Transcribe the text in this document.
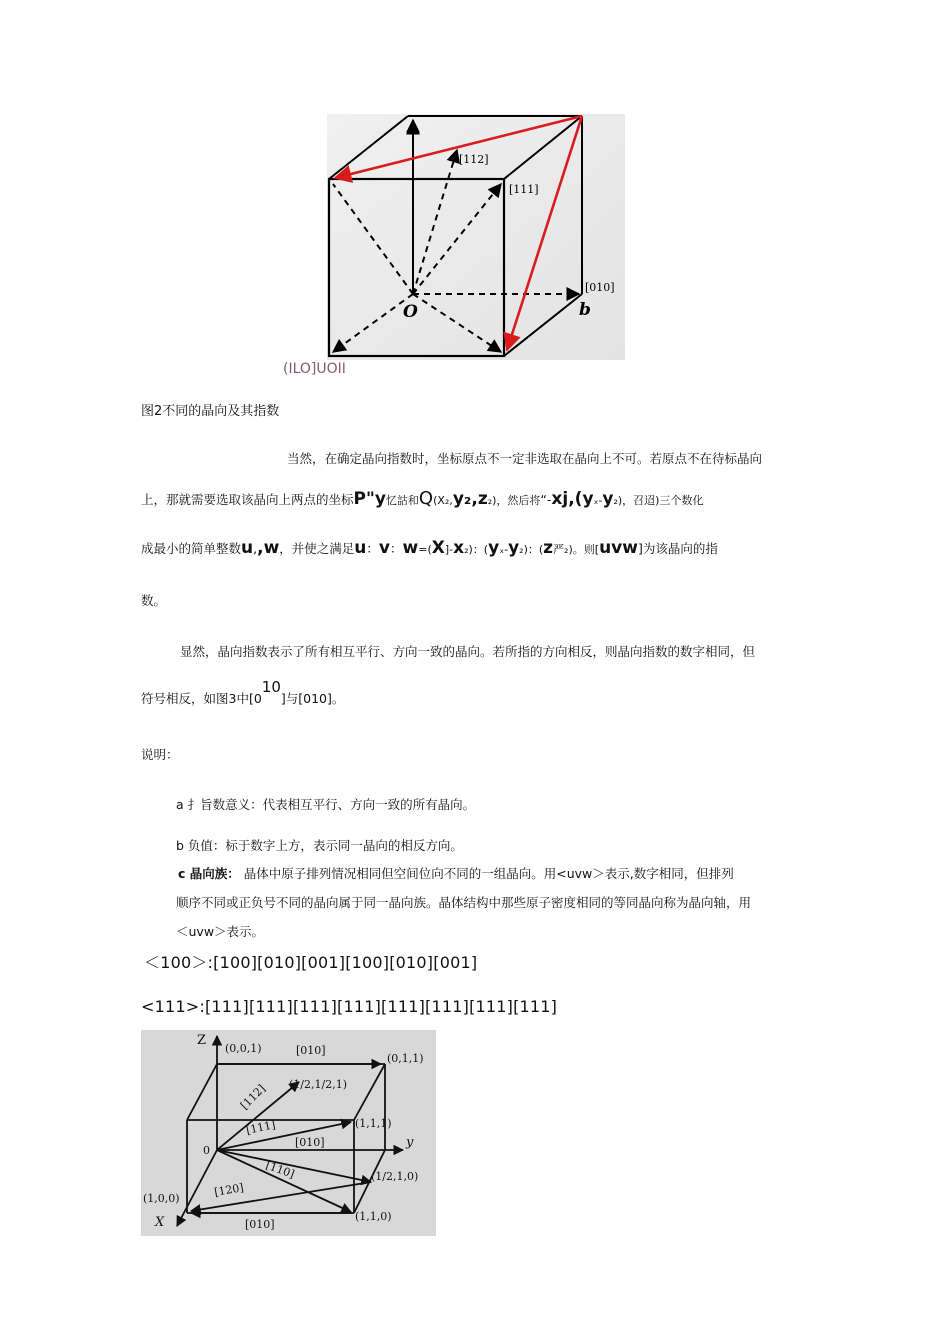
[112]
[111]
[010]
O	b
(ILO]UOII
图2不同的晶向及其指数
当然，在确定晶向指数时，坐标原点不一定非选取在晶向上不可。若原点不在待标晶向
上，那就需要选取该晶向上两点的坐标P"y忆詁和Q(X₂,y₂,z₂)，然后将“-xj,(yₓ-y₂)，召迢)三个数化
成最小的简单整数u,,w，并使之满足u：v：w=(X]-x₂)：(yₓ-y₂)：(z严₂)。则[uvw]为该晶向的指
数。
显然，晶向指数表示了所有相互平行、方向一致的晶向。若所指的方向相反，则晶向指数的数字相同，但
符号相反，如图3中[010]与[010]。
说明：
a 扌旨数意义：代表相互平行、方向一致的所有晶向。
b 负值：标于数字上方，表示同一晶向的相反方向。
c 晶向族： 晶体中原子排列情况相同但空间位向不同的一组晶向。用<uvw＞表示,数字相同，但排列
顺序不同或正负号不同的晶向属于同一晶向族。晶体结构中那些原子密度相同的等同晶向称为晶向轴，用
＜uvw＞表示。
＜100＞:[100][010][001][100][010][001]
<111>:[111][111][111][111][111][111][111][111]
Z
(0,0,1)	[010]
(0,1,1)
[112] (1/2,1/2,1)
[111]	(1,1,1)
[010]	y
0
[110]	(1/2,1,0)
[120]
(1,0,0)
X	[010]
(1,1,0)
